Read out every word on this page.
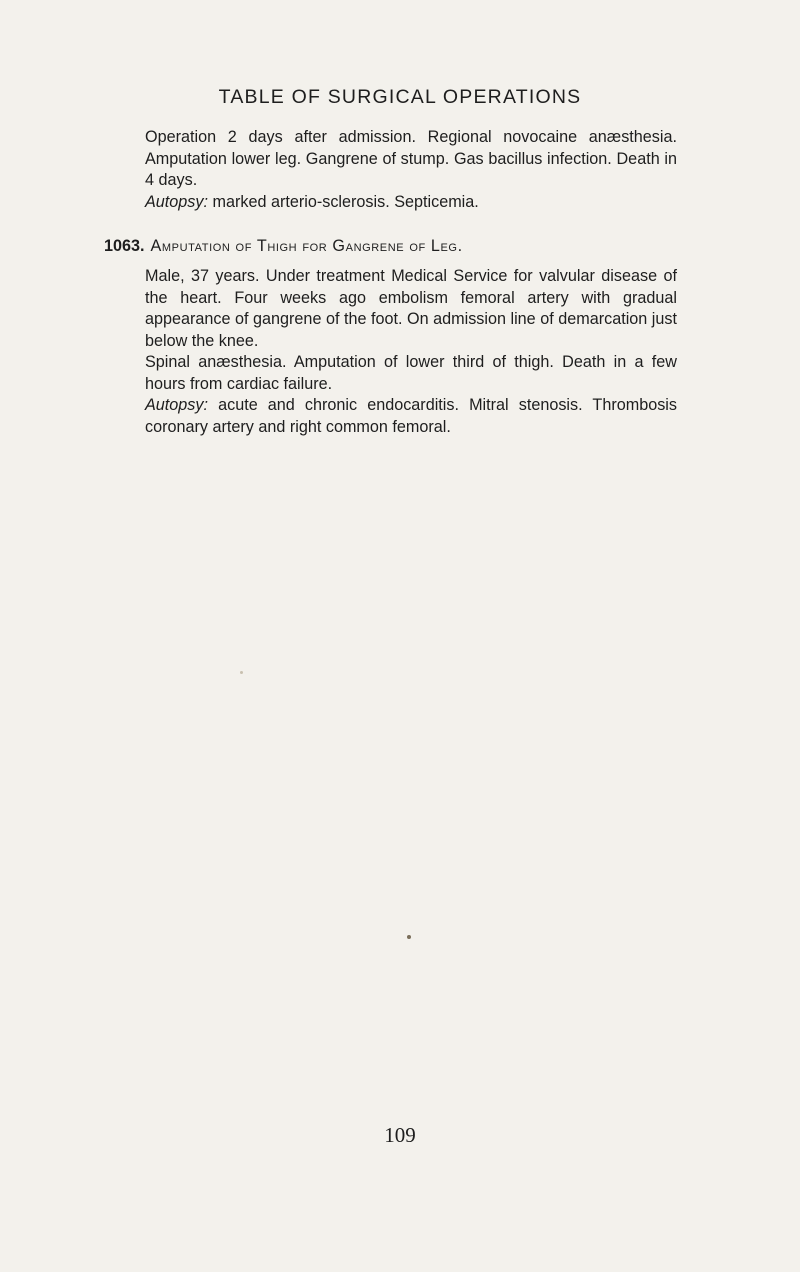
TABLE OF SURGICAL OPERATIONS

Operation 2 days after admission. Regional novocaine anæsthesia. Amputation lower leg. Gangrene of stump. Gas bacillus infection. Death in 4 days.

Autopsy: marked arterio-sclerosis. Septicemia.

1063. Amputation of Thigh for Gangrene of Leg.

Male, 37 years. Under treatment Medical Service for valvular disease of the heart. Four weeks ago embolism femoral artery with gradual appearance of gangrene of the foot. On admission line of demarcation just below the knee.

Spinal anæsthesia. Amputation of lower third of thigh. Death in a few hours from cardiac failure.

Autopsy: acute and chronic endocarditis. Mitral stenosis. Thrombosis coronary artery and right common femoral.

109
